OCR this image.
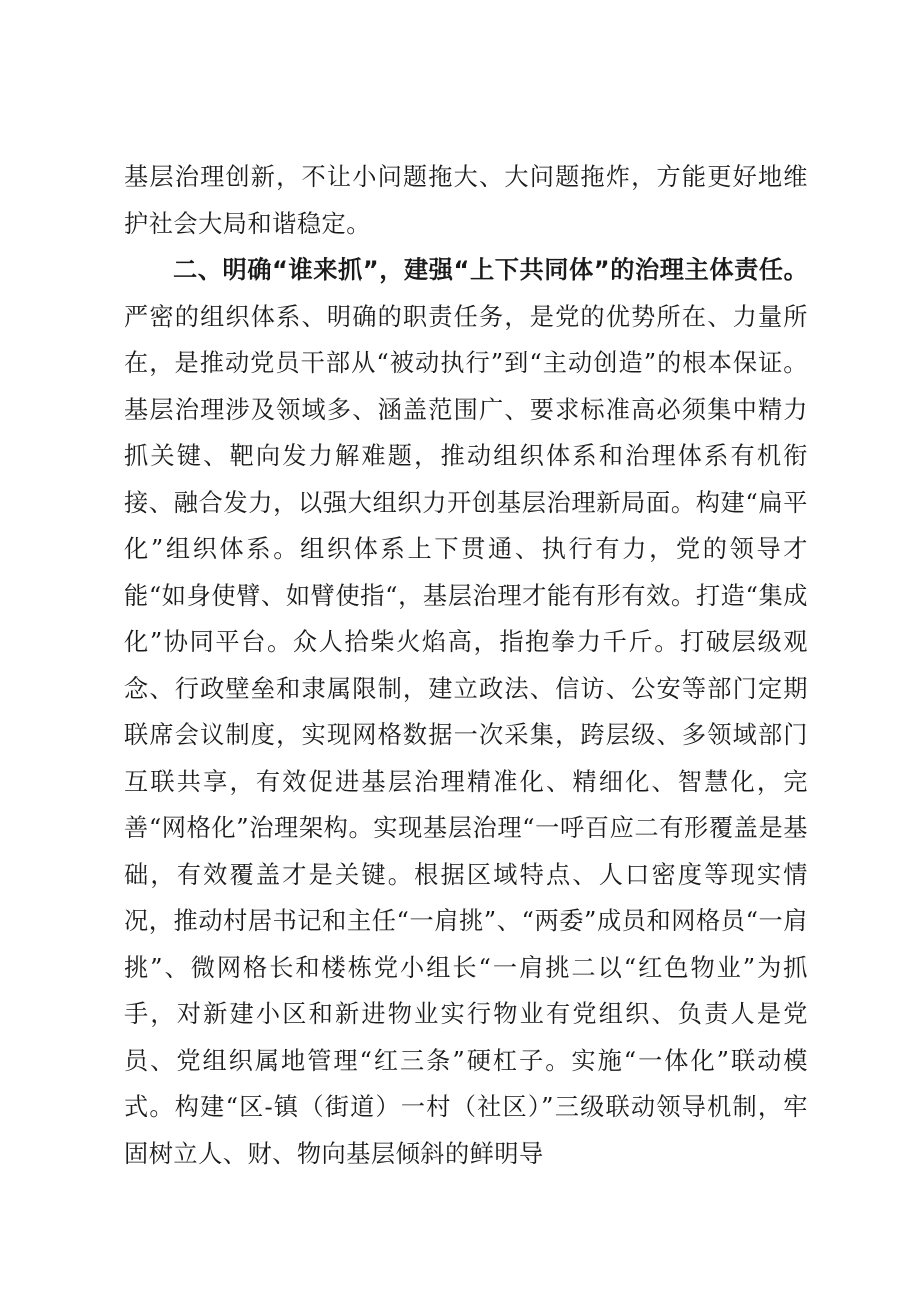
基层治理创新，不让小问题拖大、大问题拖炸，方能更好地维护社会大局和谐稳定。

二、明确“谁来抓”，建强“上下共同体”的治理主体责任。严密的组织体系、明确的职责任务，是党的优势所在、力量所在，是推动党员干部从“被动执行”到“主动创造”的根本保证。基层治理涉及领域多、涵盖范围广、要求标准高必须集中精力抓关键、靶向发力解难题，推动组织体系和治理体系有机衔接、融合发力，以强大组织力开创基层治理新局面。构建“扁平化”组织体系。组织体系上下贯通、执行有力，党的领导才能“如身使臂、如臂使指“，基层治理才能有形有效。打造“集成化”协同平台。众人拾柴火焰高，指抱拳力千斤。打破层级观念、行政壁垒和隶属限制，建立政法、信访、公安等部门定期联席会议制度，实现网格数据一次采集，跨层级、多领域部门互联共享，有效促进基层治理精准化、精细化、智慧化，完善“网格化”治理架构。实现基层治理“一呼百应二有形覆盖是基础，有效覆盖才是关键。根据区域特点、人口密度等现实情况，推动村居书记和主任“一肩挑”、“两委”成员和网格员“一肩挑”、微网格长和楼栋党小组长“一肩挑二以“红色物业”为抓手，对新建小区和新进物业实行物业有党组织、负责人是党员、党组织属地管理“红三条”硬杠子。实施“一体化”联动模式。构建“区-镇（街道）一村（社区）”三级联动领导机制，牢固树立人、财、物向基层倾斜的鲜明导
